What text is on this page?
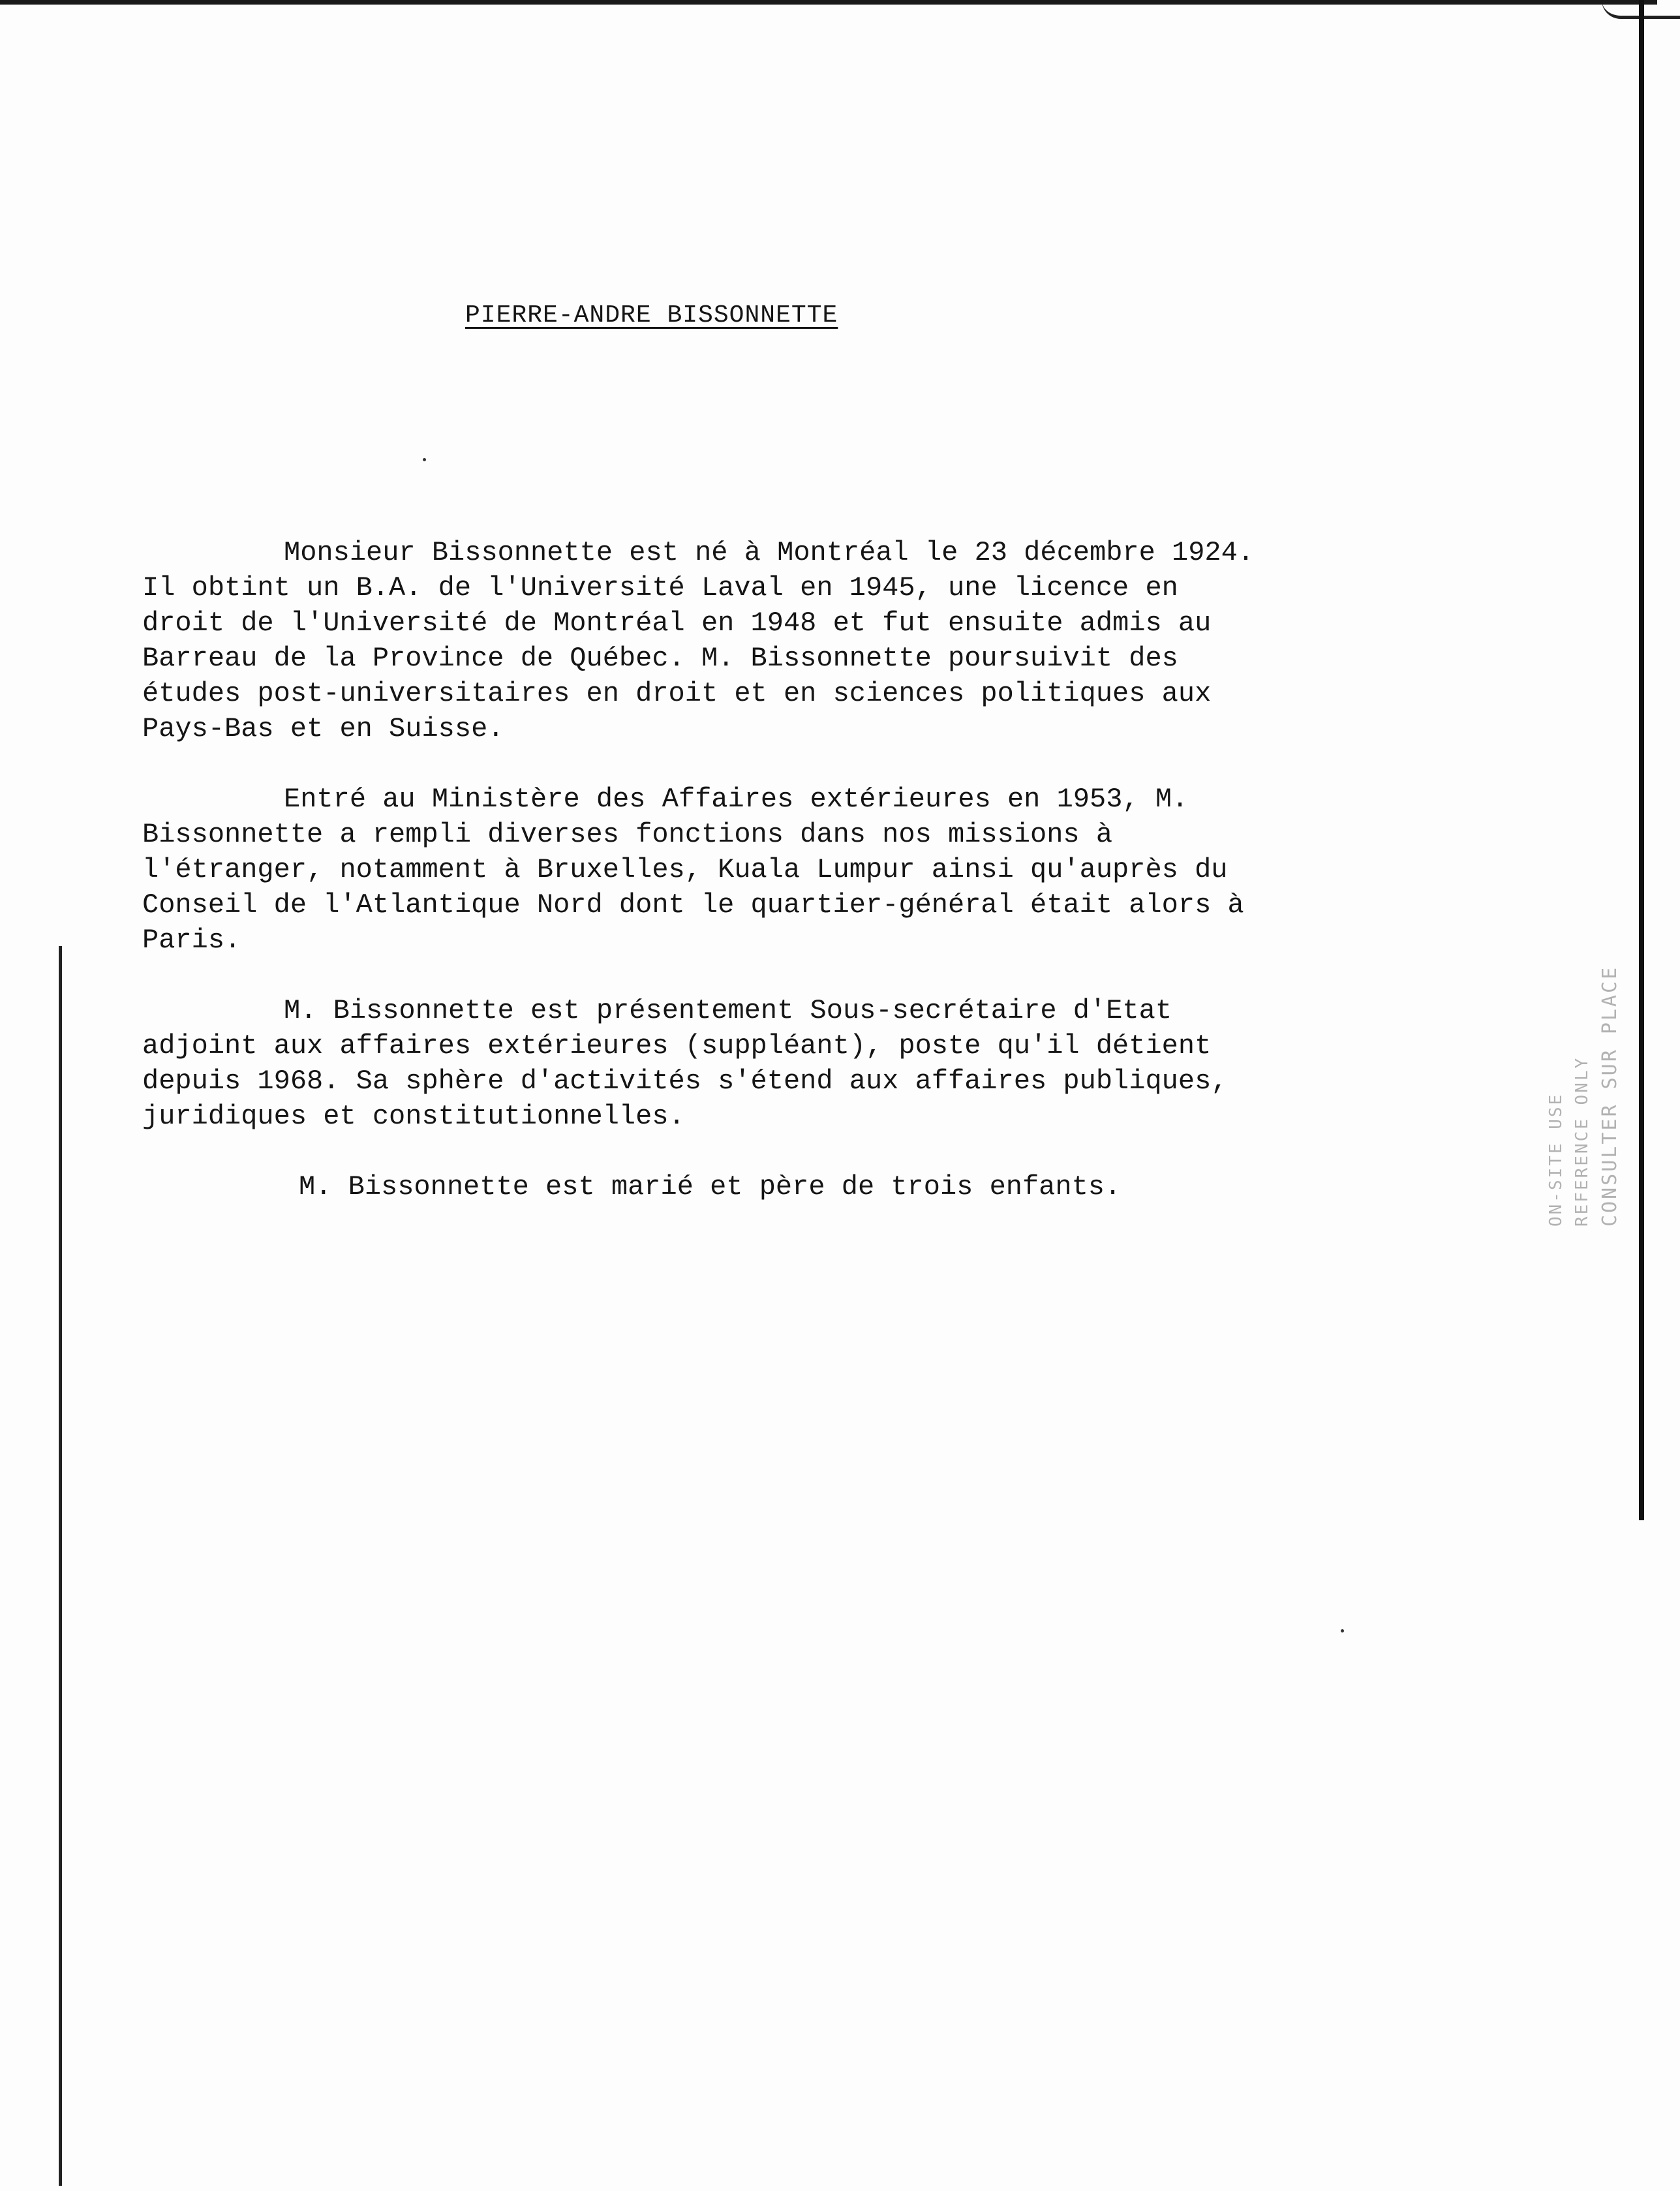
PIERRE-ANDRE BISSONNETTE

Monsieur Bissonnette est né à Montréal le 23 décembre 1924. Il obtint un B.A. de l'Université Laval en 1945, une licence en droit de l'Université de Montréal en 1948 et fut ensuite admis au Barreau de la Province de Québec. M. Bissonnette poursuivit des études post-universitaires en droit et en sciences politiques aux Pays-Bas et en Suisse.

Entré au Ministère des Affaires extérieures en 1953, M. Bissonnette a rempli diverses fonctions dans nos missions à l'étranger, notamment à Bruxelles, Kuala Lumpur ainsi qu'auprès du Conseil de l'Atlantique Nord dont le quartier-général était alors à Paris.

M. Bissonnette est présentement Sous-secrétaire d'Etat adjoint aux affaires extérieures (suppléant), poste qu'il détient depuis 1968. Sa sphère d'activités s'étend aux affaires publiques, juridiques et constitutionnelles.

M. Bissonnette est marié et père de trois enfants.	ON-SITE USE REFERENCE ONLY CONSULTER SUR PLACE
